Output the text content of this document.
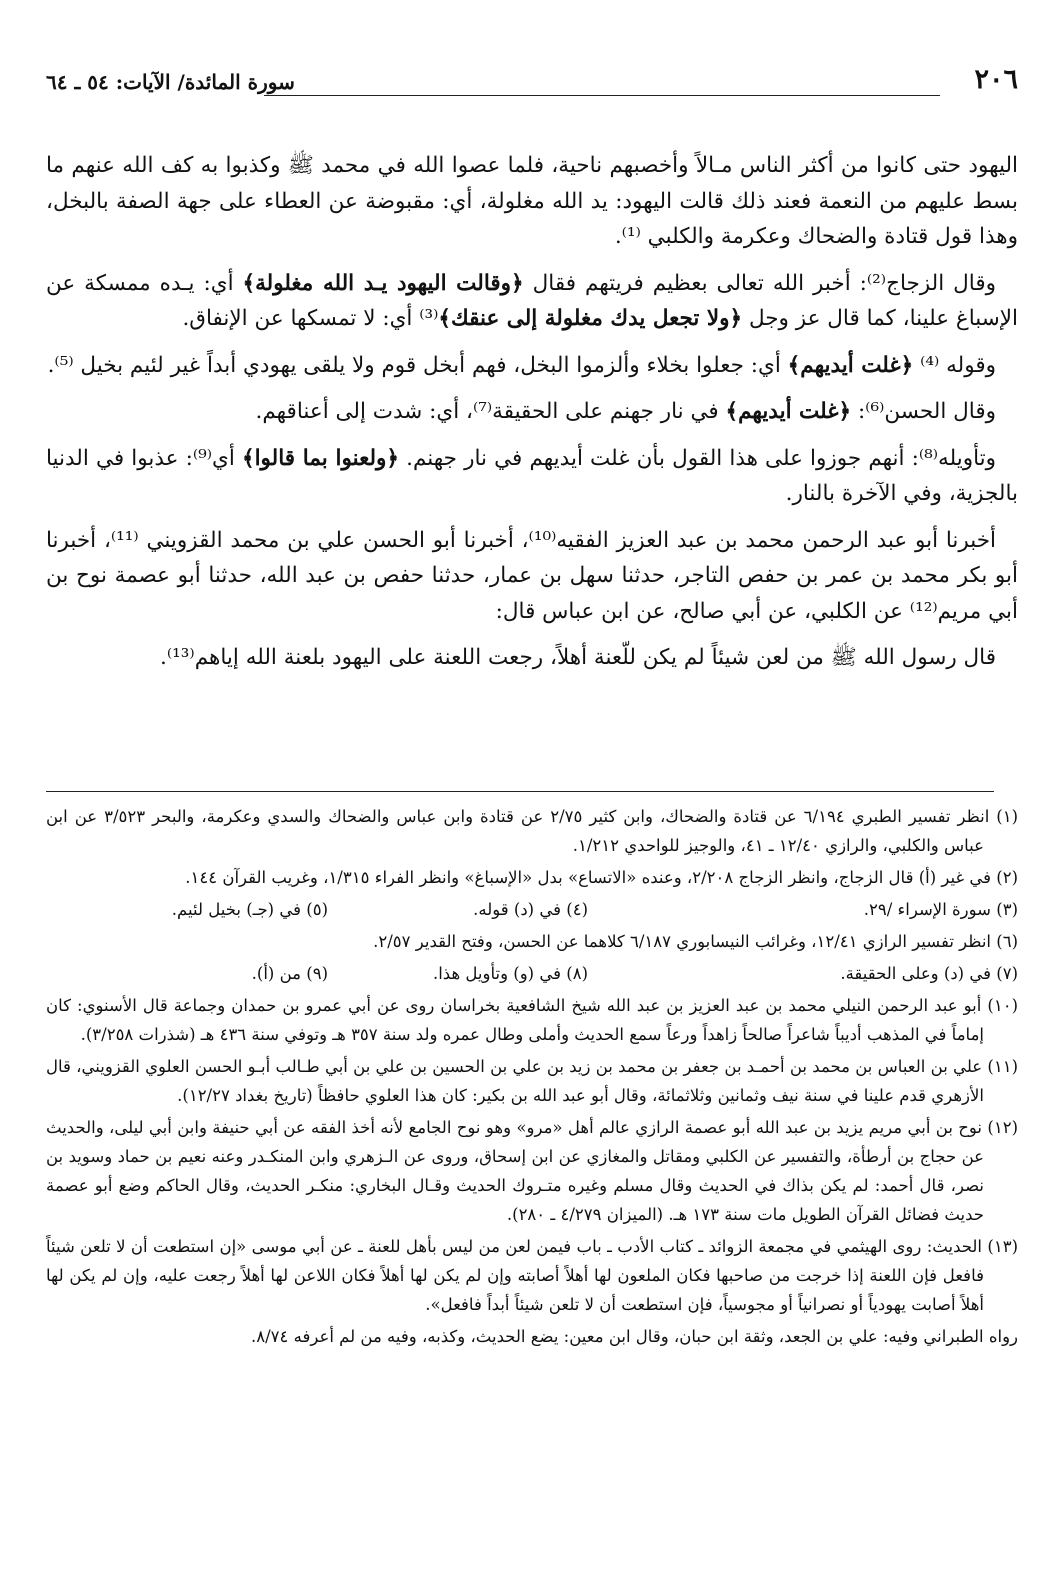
٢٠٦
سورة المائدة/ الآيات: ٥٤ ـ ٦٤

اليهود حتى كانوا من أكثر الناس مـالاً وأخصبهم ناحية، فلما عصوا الله في محمد ﷺ وكذبوا به كف الله عنهم ما بسط عليهم من النعمة فعند ذلك قالت اليهود: يد الله مغلولة، أي: مقبوضة عن العطاء على جهة الصفة بالبخل، وهذا قول قتادة والضحاك وعكرمة والكلبي ⁽¹⁾.

وقال الزجاج⁽²⁾: أخبر الله تعالى بعظيم فريتهم فقال ﴿وقالت اليهود يـد الله مغلولة﴾ أي: يـده ممسكة عن الإسباغ علينا، كما قال عز وجل ﴿ولا تجعل يدك مغلولة إلى عنقك﴾⁽³⁾ أي: لا تمسكها عن الإنفاق.

وقوله ⁽⁴⁾ ﴿غلت أيديهم﴾ أي: جعلوا بخلاء وألزموا البخل، فهم أبخل قوم ولا يلقى يهودي أبداً غير لئيم بخيل ⁽⁵⁾.

وقال الحسن⁽⁶⁾: ﴿غلت أيديهم﴾ في نار جهنم على الحقيقة⁽⁷⁾، أي: شدت إلى أعناقهم.

وتأويله⁽⁸⁾: أنهم جوزوا على هذا القول بأن غلت أيديهم في نار جهنم. ﴿ولعنوا بما قالوا﴾ أي⁽⁹⁾: عذبوا في الدنيا بالجزية، وفي الآخرة بالنار.

أخبرنا أبو عبد الرحمن محمد بن عبد العزيز الفقيه⁽¹⁰⁾، أخبرنا أبو الحسن علي بن محمد القزويني ⁽¹¹⁾، أخبرنا أبو بكر محمد بن عمر بن حفص التاجر، حدثنا سهل بن عمار، حدثنا حفص بن عبد الله، حدثنا أبو عصمة نوح بن أبي مريم⁽¹²⁾ عن الكلبي، عن أبي صالح، عن ابن عباس قال:

قال رسول الله ﷺ من لعن شيئاً لم يكن للّعنة أهلاً، رجعت اللعنة على اليهود بلعنة الله إياهم⁽¹³⁾.

(١) انظر تفسير الطبري ٦/١٩٤ عن قتادة والضحاك، وابن كثير ٢/٧٥ عن قتادة وابن عباس والضحاك والسدي وعكرمة، والبحر ٣/٥٢٣ عن ابن عباس والكلبي، والرازي ١٢/٤٠ ـ ٤١، والوجيز للواحدي ١/٢١٢.
(٢) في غير (أ) قال الزجاج، وانظر الزجاج ٢/٢٠٨، وعنده «الاتساع» بدل «الإسباغ» وانظر الفراء ١/٣١٥، وغريب القرآن ١٤٤.
(٣) سورة الإسراء /٢٩.
(٤) في (د) قوله.
(٥) في (جـ) بخيل لئيم.
(٦) انظر تفسير الرازي ١٢/٤١، وغرائب النيسابوري ٦/١٨٧ كلاهما عن الحسن، وفتح القدير ٢/٥٧.
(٧) في (د) وعلى الحقيقة.
(٨) في (و) وتأويل هذا.
(٩) من (أ).
(١٠) أبو عبد الرحمن النيلي محمد بن عبد العزيز بن عبد الله شيخ الشافعية بخراسان روى عن أبي عمرو بن حمدان وجماعة قال الأسنوي: كان إماماً في المذهب أديباً شاعراً صالحاً زاهداً ورعاً سمع الحديث وأملى وطال عمره ولد سنة ٣٥٧ هـ وتوفي سنة ٤٣٦ هـ (شذرات ٣/٢٥٨).
(١١) علي بن العباس بن محمد بن أحمـد بن جعفر بن محمد بن زيد بن علي بن الحسين بن علي بن أبي طـالب أبـو الحسن العلوي القزويني، قال الأزهري قدم علينا في سنة نيف وثمانين وثلاثمائة، وقال أبو عبد الله بن بكير: كان هذا العلوي حافظاً (تاريخ بغداد ١٢/٢٧).
(١٢) نوح بن أبي مريم يزيد بن عبد الله أبو عصمة الرازي عالم أهل «مرو» وهو نوح الجامع لأنه أخذ الفقه عن أبي حنيفة وابن أبي ليلى، والحديث عن حجاج بن أرطأة، والتفسير عن الكلبي ومقاتل والمغازي عن ابن إسحاق، وروى عن الـزهري وابن المنكـدر وعنه نعيم بن حماد وسويد بن نصر، قال أحمد: لم يكن بذاك في الحديث وقال مسلم وغيره متـروك الحديث وقـال البخاري: منكـر الحديث، وقال الحاكم وضع أبو عصمة حديث فضائل القرآن الطويل مات سنة ١٧٣ هـ. (الميزان ٤/٢٧٩ ـ ٢٨٠).
(١٣) الحديث: روى الهيثمي في مجمعة الزوائد ـ كتاب الأدب ـ باب فيمن لعن من ليس بأهل للعنة ـ عن أبي موسى «إن استطعت أن لا تلعن شيئاً فافعل فإن اللعنة إذا خرجت من صاحبها فكان الملعون لها أهلاً أصابته وإن لم يكن لها أهلاً فكان اللاعن لها أهلاً رجعت عليه، وإن لم يكن لها أهلاً أصابت يهودياً أو نصرانياً أو مجوسياً، فإن استطعت أن لا تلعن شيئاً أبداً فافعل».
رواه الطبراني وفيه: علي بن الجعد، وثقة ابن حبان، وقال ابن معين: يضع الحديث، وكذبه، وفيه من لم أعرفه ٨/٧٤.
